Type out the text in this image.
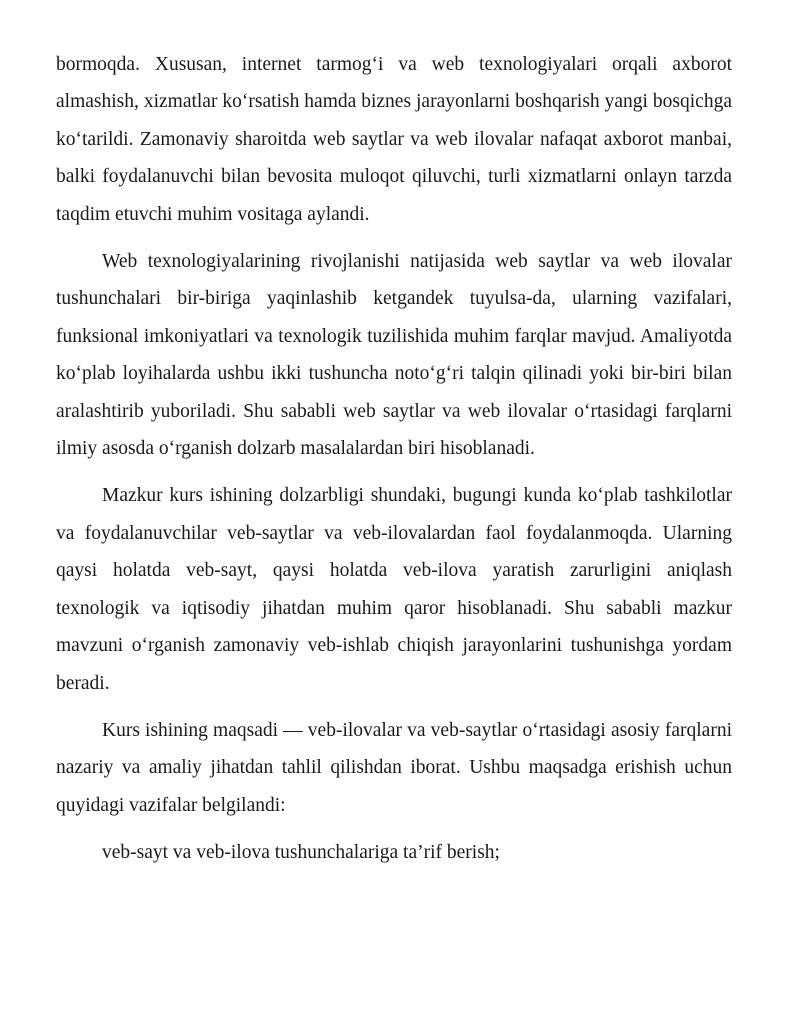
bormoqda. Xususan, internet tarmog‘i va web texnologiyalari orqali axborot almashish, xizmatlar ko‘rsatish hamda biznes jarayonlarni boshqarish yangi bosqichga ko‘tarildi. Zamonaviy sharoitda web saytlar va web ilovalar nafaqat axborot manbai, balki foydalanuvchi bilan bevosita muloqot qiluvchi, turli xizmatlarni onlayn tarzda taqdim etuvchi muhim vositaga aylandi.

Web texnologiyalarining rivojlanishi natijasida web saytlar va web ilovalar tushunchalari bir-biriga yaqinlashib ketgandek tuyulsa-da, ularning vazifalari, funksional imkoniyatlari va texnologik tuzilishida muhim farqlar mavjud. Amaliyotda ko‘plab loyihalarda ushbu ikki tushuncha noto‘g‘ri talqin qilinadi yoki bir-biri bilan aralashtirib yuboriladi. Shu sababli web saytlar va web ilovalar o‘rtasidagi farqlarni ilmiy asosda o‘rganish dolzarb masalalardan biri hisoblanadi.

Mazkur kurs ishining dolzarbligi shundaki, bugungi kunda ko‘plab tashkilotlar va foydalanuvchilar veb-saytlar va veb-ilovalardan faol foydalanmoqda. Ularning qaysi holatda veb-sayt, qaysi holatda veb-ilova yaratish zarurligini aniqlash texnologik va iqtisodiy jihatdan muhim qaror hisoblanadi. Shu sababli mazkur mavzuni o‘rganish zamonaviy veb-ishlab chiqish jarayonlarini tushunishga yordam beradi.

Kurs ishining maqsadi — veb-ilovalar va veb-saytlar o‘rtasidagi asosiy farqlarni nazariy va amaliy jihatdan tahlil qilishdan iborat. Ushbu maqsadga erishish uchun quyidagi vazifalar belgilandi:

veb-sayt va veb-ilova tushunchalariga ta’rif berish;
